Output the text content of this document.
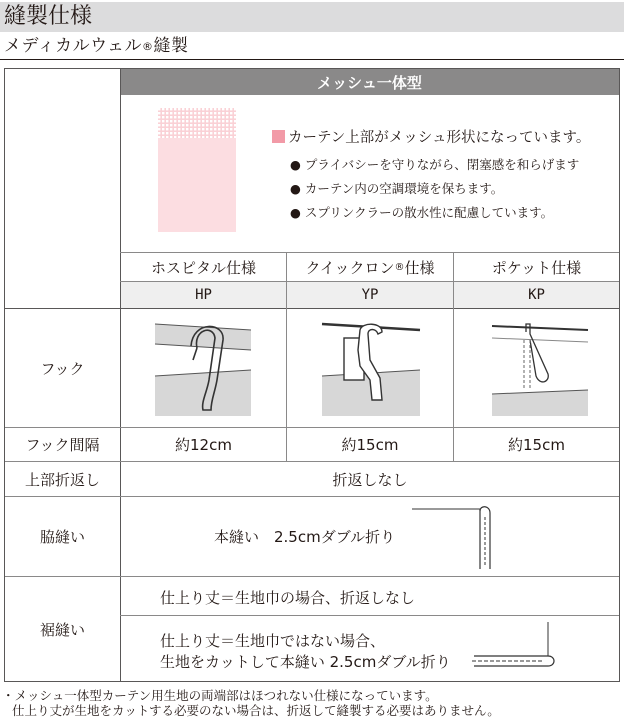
縫製仕様
メディカルウェル®縫製
メッシュ一体型
カーテン上部がメッシュ形状になっています。
● プライバシーを守りながら、閉塞感を和らげます
● カーテン内の空調環境を保ちます。
● スプリンクラーの散水性に配慮しています。
ホスピタル仕様	クイックロン ® 仕様	ポケット仕様
HP	YP	KP
フック
フック間隔	約12cm	約15cm	約15cm
上部折返し	折返しなし
脇縫い	本縫い　2.5cmダブル折り
裾縫い
仕上り丈＝生地巾の場合、折返しなし
仕上り丈＝生地巾ではない場合、
生地をカットして本縫い 2.5cmダブル折り
・メッシュ一体型カーテン用生地の両端部はほつれない仕様になっています。
仕上り丈が生地をカットする必要のない場合は、折返して縫製する必要はありません。
